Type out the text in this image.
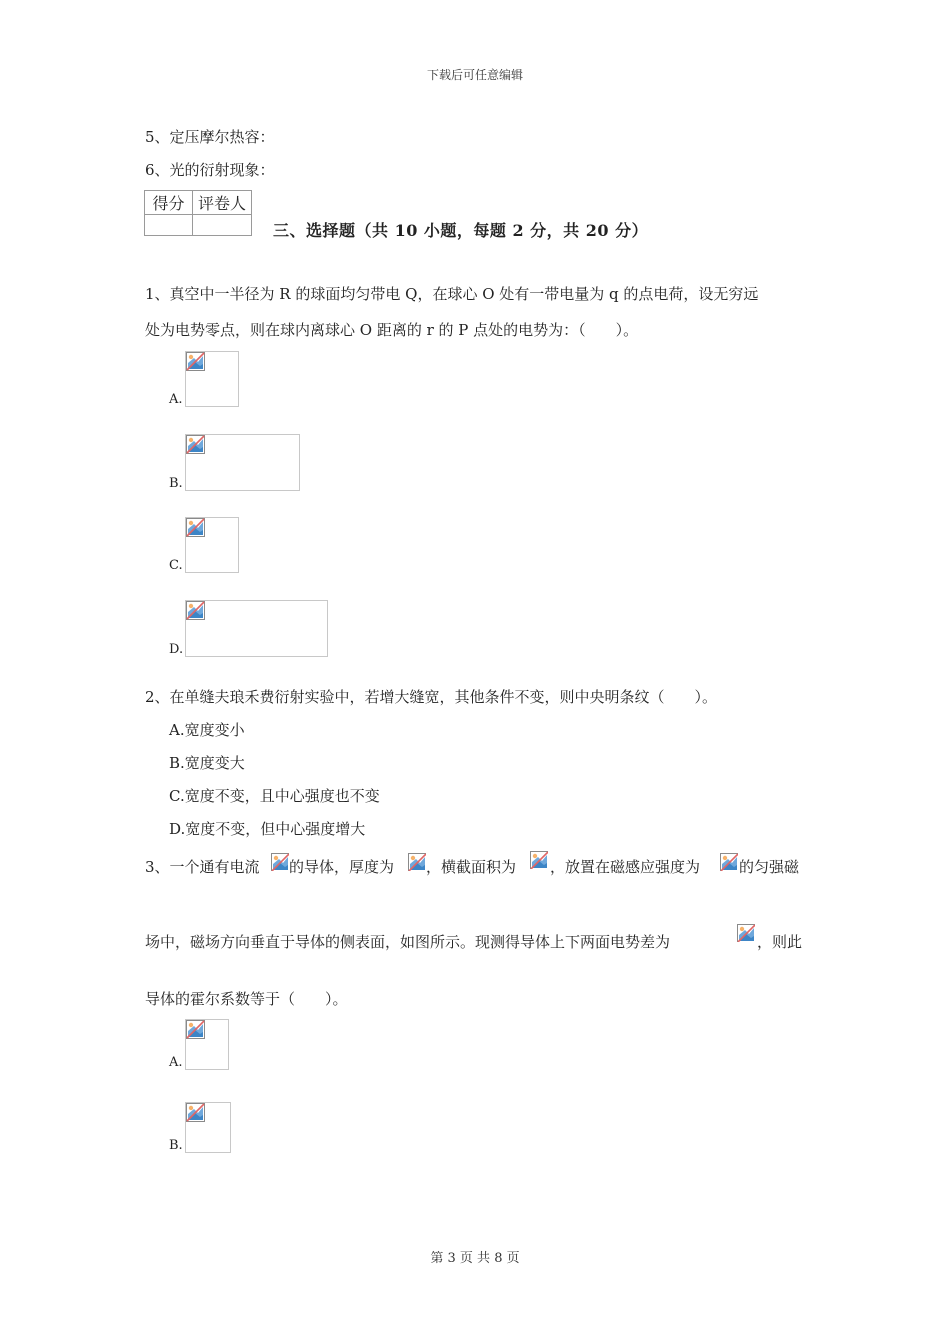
下载后可任意编辑
5、定压摩尔热容：
6、光的衍射现象：
得分	评卷人

三、选择题（共 10 小题，每题 2 分，共 20 分）
1、真空中一半径为 R 的球面均匀带电 Q，在球心 O 处有一带电量为 q 的点电荷，设无穷远
处为电势零点，则在球内离球心 O 距离的 r 的 P 点处的电势为：（　　）。
A.
B.
C.
D.
2、在单缝夫琅禾费衍射实验中，若增大缝宽，其他条件不变，则中央明条纹（　　）。
A.宽度变小
B.宽度变大
C.宽度不变，且中心强度也不变
D.宽度不变，但中心强度增大
3、一个通有电流 的导体，厚度为 ，横截面积为 ，放置在磁感应强度为	的匀强磁
场中，磁场方向垂直于导体的侧表面，如图所示。现测得导体上下两面电势差为	，则此
导体的霍尔系数等于（　　）。
A.
B.
第 3 页 共 8 页
